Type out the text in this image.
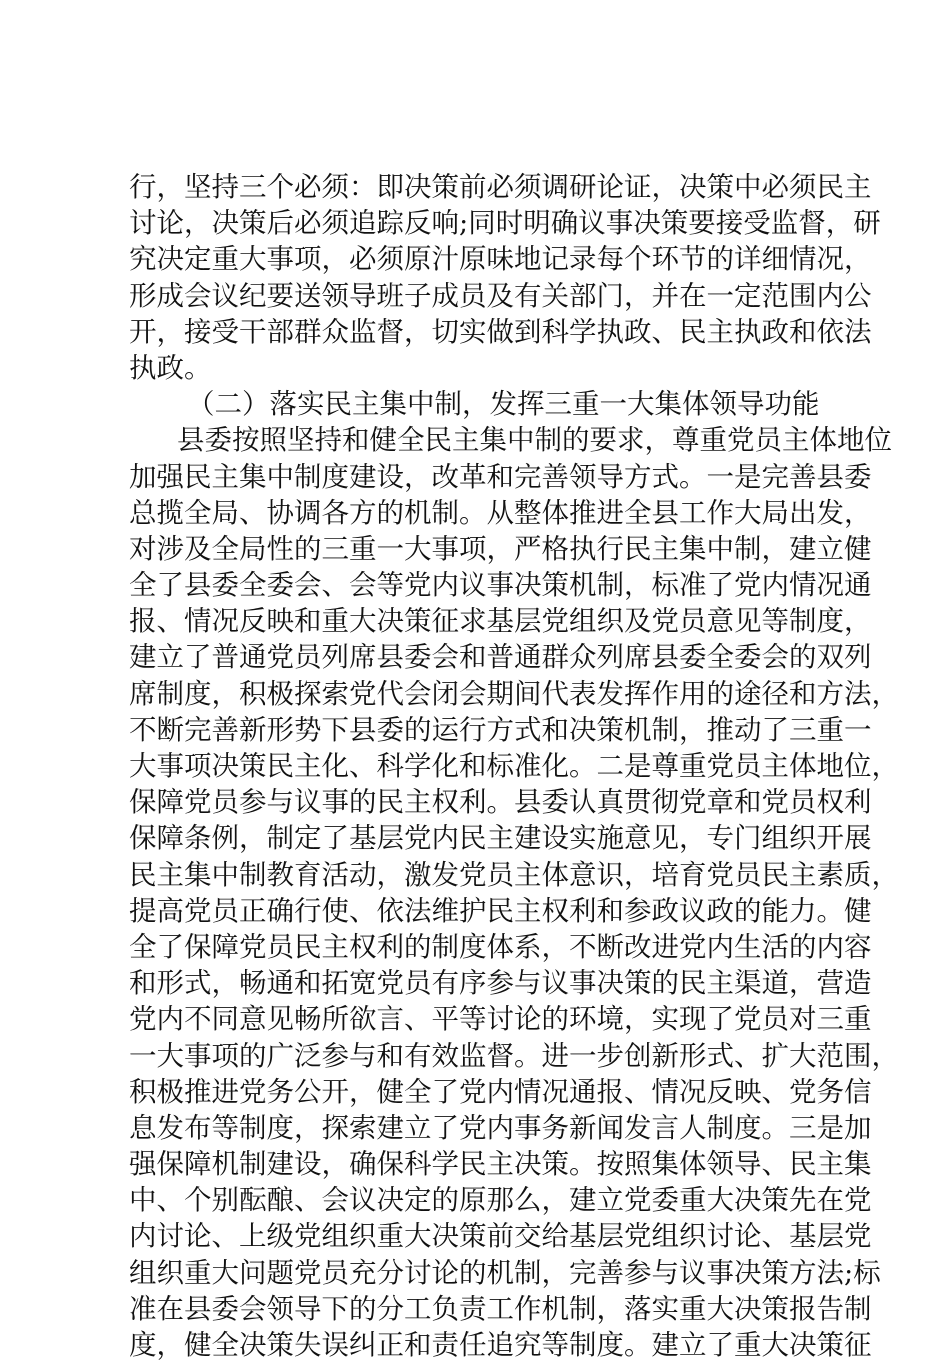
行，坚持三个必须：即决策前必须调研论证，决策中必须民主
讨论，决策后必须追踪反响;同时明确议事决策要接受监督，研
究决定重大事项，必须原汁原味地记录每个环节的详细情况，
形成会议纪要送领导班子成员及有关部门，并在一定范围内公
开，接受干部群众监督，切实做到科学执政、民主执政和依法
执政。
（二）落实民主集中制，发挥三重一大集体领导功能
县委按照坚持和健全民主集中制的要求，尊重党员主体地位
加强民主集中制度建设，改革和完善领导方式。一是完善县委
总揽全局、协调各方的机制。从整体推进全县工作大局出发，
对涉及全局性的三重一大事项，严格执行民主集中制，建立健
全了县委全委会、会等党内议事决策机制，标准了党内情况通
报、情况反映和重大决策征求基层党组织及党员意见等制度，
建立了普通党员列席县委会和普通群众列席县委全委会的双列
席制度，积极探索党代会闭会期间代表发挥作用的途径和方法，
不断完善新形势下县委的运行方式和决策机制，推动了三重一
大事项决策民主化、科学化和标准化。二是尊重党员主体地位，
保障党员参与议事的民主权利。县委认真贯彻党章和党员权利
保障条例，制定了基层党内民主建设实施意见，专门组织开展
民主集中制教育活动，激发党员主体意识，培育党员民主素质，
提高党员正确行使、依法维护民主权利和参政议政的能力。健
全了保障党员民主权利的制度体系，不断改进党内生活的内容
和形式，畅通和拓宽党员有序参与议事决策的民主渠道，营造
党内不同意见畅所欲言、平等讨论的环境，实现了党员对三重
一大事项的广泛参与和有效监督。进一步创新形式、扩大范围，
积极推进党务公开，健全了党内情况通报、情况反映、党务信
息发布等制度，探索建立了党内事务新闻发言人制度。三是加
强保障机制建设，确保科学民主决策。按照集体领导、民主集
中、个别酝酿、会议决定的原那么，建立党委重大决策先在党
内讨论、上级党组织重大决策前交给基层党组织讨论、基层党
组织重大问题党员充分讨论的机制，完善参与议事决策方法;标
准在县委会领导下的分工负责工作机制，落实重大决策报告制
度，健全决策失误纠正和责任追究等制度。建立了重大决策征
